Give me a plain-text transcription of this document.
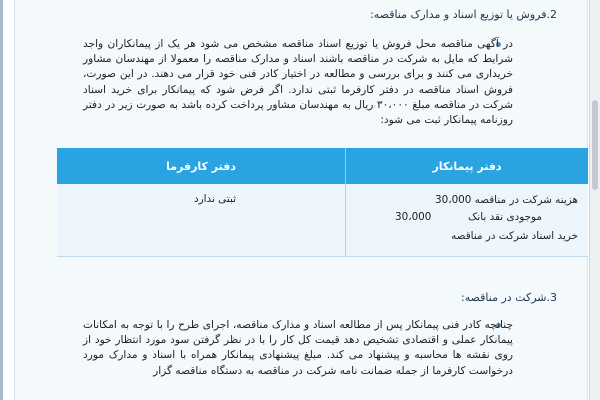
2.فروش یا توزیع اسناد و مدارک مناقصه:
در آگهی مناقصه محل فروش یا توزیع اسناد مناقصه مشخص می شود هر یک از پیمانکاران واجد شرایط که مایل به شرکت در مناقصه باشند اسناد و مدارک مناقصه را معمولا از مهندسان مشاور خریداری می کنند و برای بررسی و مطالعه در اختیار کادر فنی خود قرار می دهند. در این صورت، فروش اسناد مناقصه در دفتر کارفرما ثبتی ندارد. اگر فرض شود که پیمانکار برای خرید اسناد شرکت در مناقصه مبلغ ۳۰،۰۰۰ ریال به مهندسان مشاور پرداخت کرده باشد به صورت زیر در دفتر روزنامه پیمانکار ثبت می شود:
دفتر پیمانکار
دفتر کارفرما
ثبتی ندارد	هزینه شرکت در مناقصه
30،000
موجودی نقد بانک
30،000
خرید اسناد شرکت در مناقصه
3.شرکت در مناقصه:
چنانچه کادر فنی پیمانکار پس از مطالعه اسناد و مدارک مناقصه، اجرای طرح را با توجه به امکانات پیمانکار عملی و اقتصادی تشخیص دهد قیمت کل کار را با در نظر گرفتن سود مورد انتظار خود از روی نقشه ها محاسبه و پیشنهاد می کند. مبلغ پیشنهادی پیمانکار همراه با اسناد و مدارک مورد درخواست کارفرما از جمله ضمانت نامه شرکت در مناقصه به دستگاه مناقصه گزار
